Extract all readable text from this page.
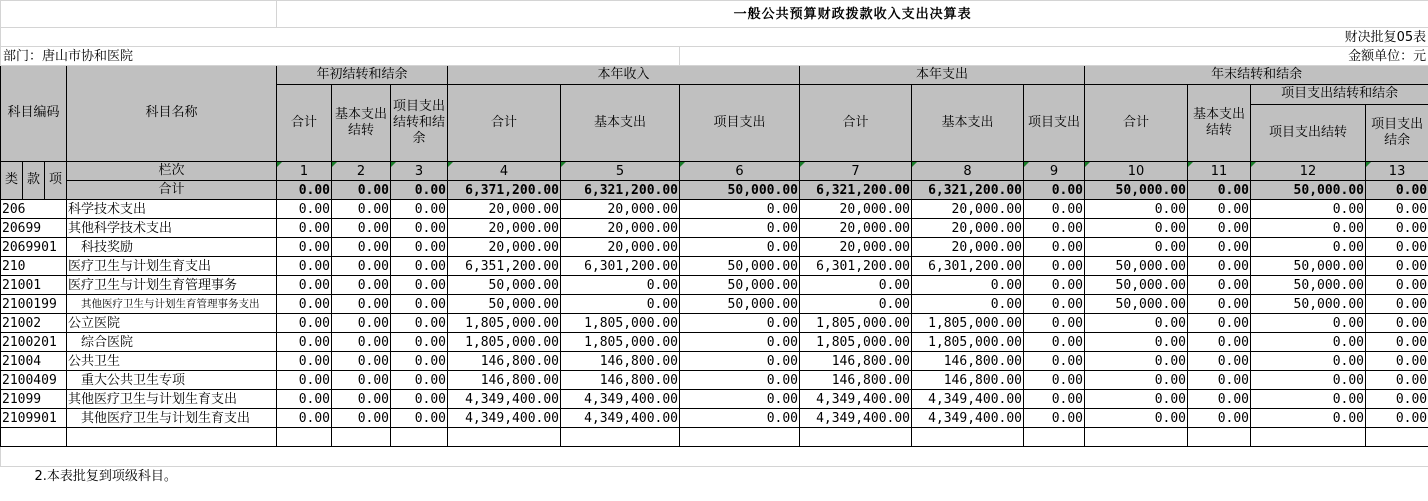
				一般公共预算财政拨款收入支出决算表												
财决批复05表																
部门：唐山市协和医院									金额单位：元							
科目编码			科目名称	年初结转和结余			本年收入			本年支出			年末结转和结余			
				合计	基本支出结转	项目支出结转和结余	合计	基本支出	项目支出	合计	基本支出	项目支出	合计	基本支出结转	项目支出结转和结余	
															项目支出结转	项目支出结余
类	款	项	栏次	1	2	3	4	5	6	7	8	9	10	11	12	13
			合计	0.00	0.00	0.00	6,371,200.00	6,321,200.00	50,000.00	6,321,200.00	6,321,200.00	0.00	50,000.00	0.00	50,000.00	0.00
206			科学技术支出	0.00	0.00	0.00	20,000.00	20,000.00	0.00	20,000.00	20,000.00	0.00	0.00	0.00	0.00	0.00
20699			其他科学技术支出	0.00	0.00	0.00	20,000.00	20,000.00	0.00	20,000.00	20,000.00	0.00	0.00	0.00	0.00	0.00
2069901			科技奖励	0.00	0.00	0.00	20,000.00	20,000.00	0.00	20,000.00	20,000.00	0.00	0.00	0.00	0.00	0.00
210			医疗卫生与计划生育支出	0.00	0.00	0.00	6,351,200.00	6,301,200.00	50,000.00	6,301,200.00	6,301,200.00	0.00	50,000.00	0.00	50,000.00	0.00
21001			医疗卫生与计划生育管理事务	0.00	0.00	0.00	50,000.00	0.00	50,000.00	0.00	0.00	0.00	50,000.00	0.00	50,000.00	0.00
2100199			其他医疗卫生与计划生育管理事务支出	0.00	0.00	0.00	50,000.00	0.00	50,000.00	0.00	0.00	0.00	50,000.00	0.00	50,000.00	0.00
21002			公立医院	0.00	0.00	0.00	1,805,000.00	1,805,000.00	0.00	1,805,000.00	1,805,000.00	0.00	0.00	0.00	0.00	0.00
2100201			综合医院	0.00	0.00	0.00	1,805,000.00	1,805,000.00	0.00	1,805,000.00	1,805,000.00	0.00	0.00	0.00	0.00	0.00
21004			公共卫生	0.00	0.00	0.00	146,800.00	146,800.00	0.00	146,800.00	146,800.00	0.00	0.00	0.00	0.00	0.00
2100409			重大公共卫生专项	0.00	0.00	0.00	146,800.00	146,800.00	0.00	146,800.00	146,800.00	0.00	0.00	0.00	0.00	0.00
21099			其他医疗卫生与计划生育支出	0.00	0.00	0.00	4,349,400.00	4,349,400.00	0.00	4,349,400.00	4,349,400.00	0.00	0.00	0.00	0.00	0.00
2109901			其他医疗卫生与计划生育支出	0.00	0.00	0.00	4,349,400.00	4,349,400.00	0.00	4,349,400.00	4,349,400.00	0.00	0.00	0.00	0.00	0.00

2.本表批复到项级科目。																
